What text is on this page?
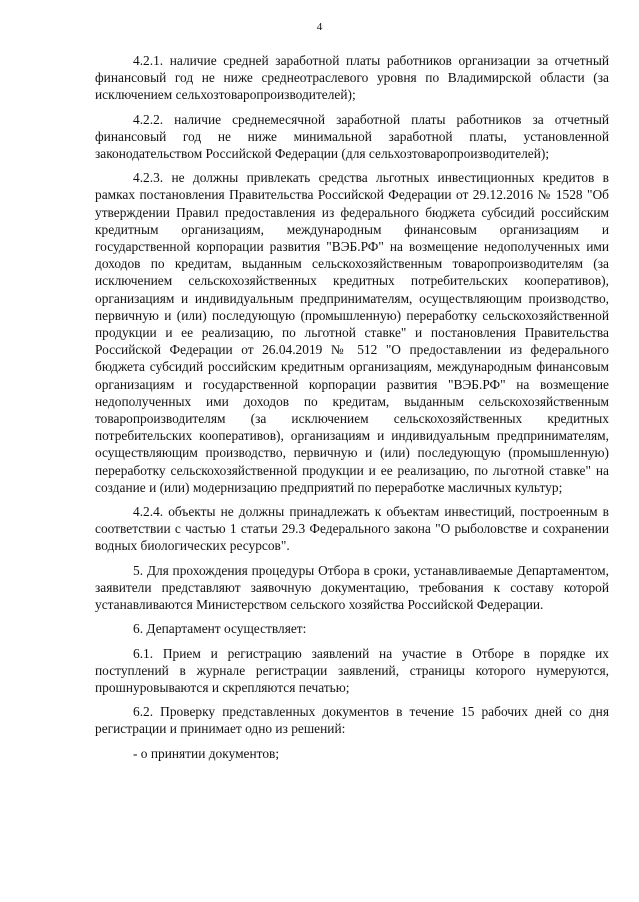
4

4.2.1. наличие средней заработной платы работников организации за отчетный финансовый год не ниже среднеотраслевого уровня по Владимирской области (за исключением сельхозтоваропроизводителей);

4.2.2. наличие среднемесячной заработной платы работников за отчетный финансовый год не ниже минимальной заработной платы, установленной законодательством Российской Федерации (для сельхозтоваропроизводителей);

4.2.3. не должны привлекать средства льготных инвестиционных кредитов в рамках постановления Правительства Российской Федерации от 29.12.2016 № 1528 "Об утверждении Правил предоставления из федерального бюджета субсидий российским кредитным организациям, международным финансовым организациям и государственной корпорации развития "ВЭБ.РФ" на возмещение недополученных ими доходов по кредитам, выданным сельскохозяйственным товаропроизводителям (за исключением сельскохозяйственных кредитных потребительских кооперативов), организациям и индивидуальным предпринимателям, осуществляющим производство, первичную и (или) последующую (промышленную) переработку сельскохозяйственной продукции и ее реализацию, по льготной ставке" и постановления Правительства Российской Федерации от 26.04.2019 № 512 "О предоставлении из федерального бюджета субсидий российским кредитным организациям, международным финансовым организациям и государственной корпорации развития "ВЭБ.РФ" на возмещение недополученных ими доходов по кредитам, выданным сельскохозяйственным товаропроизводителям (за исключением сельскохозяйственных кредитных потребительских кооперативов), организациям и индивидуальным предпринимателям, осуществляющим производство, первичную и (или) последующую (промышленную) переработку сельскохозяйственной продукции и ее реализацию, по льготной ставке" на создание и (или) модернизацию предприятий по переработке масличных культур;

4.2.4. объекты не должны принадлежать к объектам инвестиций, построенным в соответствии с частью 1 статьи 29.3 Федерального закона "О рыболовстве и сохранении водных биологических ресурсов".

5. Для прохождения процедуры Отбора в сроки, устанавливаемые Департаментом, заявители представляют заявочную документацию, требования к составу которой устанавливаются Министерством сельского хозяйства Российской Федерации.

6. Департамент осуществляет:

6.1. Прием и регистрацию заявлений на участие в Отборе в порядке их поступлений в журнале регистрации заявлений, страницы которого нумеруются, прошнуровываются и скрепляются печатью;

6.2. Проверку представленных документов в течение 15 рабочих дней со дня регистрации и принимает одно из решений:

- о принятии документов;
